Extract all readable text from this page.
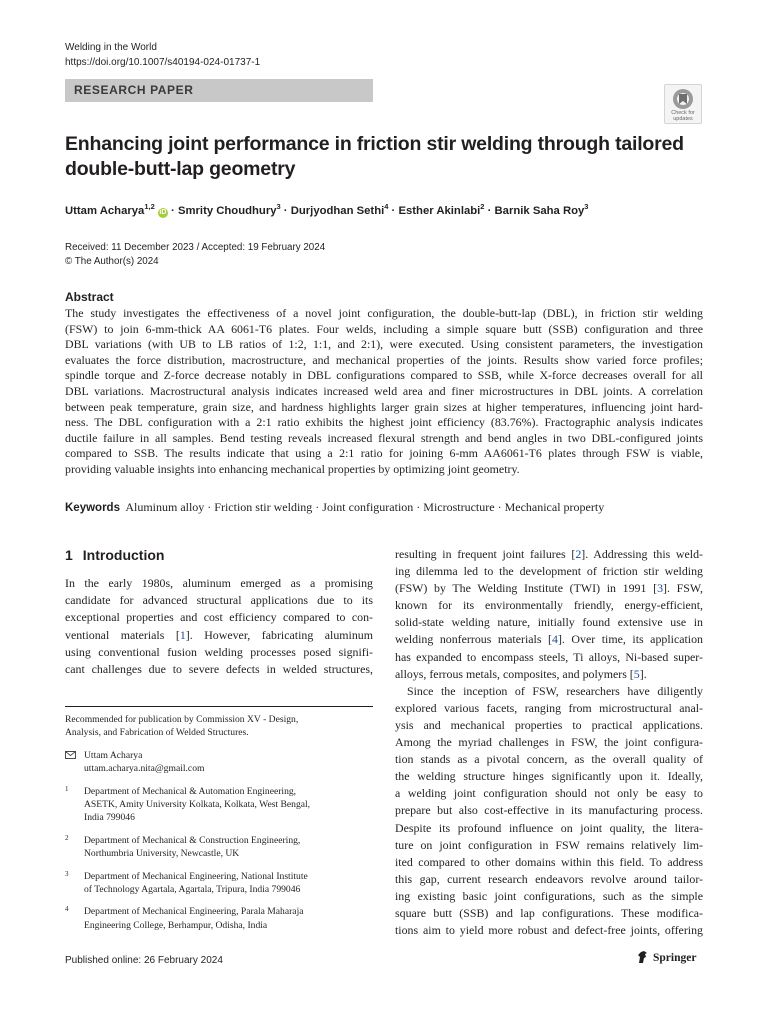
Welding in the World
https://doi.org/10.1007/s40194-024-01737-1
RESEARCH PAPER
Check for
updates
Enhancing joint performance in friction stir welding through tailored
double-butt-lap geometry
Uttam Acharya$^{1,2}$ iD · Smrity Choudhury$^3$ · Durjyodhan Sethi$^4$ · Esther Akinlabi$^2$ · Barnik Saha Roy$^3$
Received: 11 December 2023 / Accepted: 19 February 2024
© The Author(s) 2024
Abstract
The study investigates the effectiveness of a novel joint configuration, the double-butt-lap (DBL), in friction stir welding
(FSW) to join 6-mm-thick AA 6061-T6 plates. Four welds, including a simple square butt (SSB) configuration and three
DBL variations (with UB to LB ratios of 1:2, 1:1, and 2:1), were executed. Using consistent parameters, the investigation
evaluates the force distribution, macrostructure, and mechanical properties of the joints. Results show varied force profiles;
spindle torque and Z-force decrease notably in DBL configurations compared to SSB, while X-force decreases overall for all
DBL variations. Macrostructural analysis indicates increased weld area and finer microstructures in DBL joints. A correlation
between peak temperature, grain size, and hardness highlights larger grain sizes at higher temperatures, influencing joint hard-
ness. The DBL configuration with a 2:1 ratio exhibits the highest joint efficiency (83.76%). Fractographic analysis indicates
ductile failure in all samples. Bend testing reveals increased flexural strength and bend angles in two DBL-configured joints
compared to SSB. The results indicate that using a 2:1 ratio for joining 6-mm AA6061-T6 plates through FSW is viable,
providing valuable insights into enhancing mechanical properties by optimizing joint geometry.
Keywords Aluminum alloy · Friction stir welding · Joint configuration · Microstructure · Mechanical property
1 Introduction
In the early 1980s, aluminum emerged as a promising
candidate for advanced structural applications due to its
exceptional properties and cost efficiency compared to con-
ventional materials [1]. However, fabricating aluminum
using conventional fusion welding processes posed signifi-
cant challenges due to severe defects in welded structures,
resulting in frequent joint failures [2]. Addressing this weld-
ing dilemma led to the development of friction stir welding
(FSW) by The Welding Institute (TWI) in 1991 [3]. FSW,
known for its environmentally friendly, energy-efficient,
solid-state welding nature, initially found extensive use in
welding nonferrous materials [4]. Over time, its application
has expanded to encompass steels, Ti alloys, Ni-based super-
alloys, ferrous metals, composites, and polymers [5].
Since the inception of FSW, researchers have diligently
explored various facets, ranging from microstructural anal-
ysis and mechanical properties to practical applications.
Among the myriad challenges in FSW, the joint configura-
tion stands as a pivotal concern, as the overall quality of
the welding structure hinges significantly upon it. Ideally,
a welding joint configuration should not only be easy to
prepare but also cost-effective in its manufacturing process.
Despite its profound influence on joint quality, the litera-
ture on joint configuration in FSW remains relatively lim-
ited compared to other domains within this field. To address
this gap, current research endeavors revolve around tailor-
ing existing basic joint configurations, such as the simple
square butt (SSB) and lap configurations. These modifica-
tions aim to yield more robust and defect-free joints, offering
Recommended for publication by Commission XV - Design,
Analysis, and Fabrication of Welded Structures.
Uttam Acharya
uttam.acharya.nita@gmail.com
1 Department of Mechanical & Automation Engineering,
ASETK, Amity University Kolkata, Kolkata, West Bengal,
India 799046
2 Department of Mechanical & Construction Engineering,
Northumbria University, Newcastle, UK
3 Department of Mechanical Engineering, National Institute
of Technology Agartala, Agartala, Tripura, India 799046
4 Department of Mechanical Engineering, Parala Maharaja
Engineering College, Berhampur, Odisha, India
Published online: 26 February 2024	Springer
